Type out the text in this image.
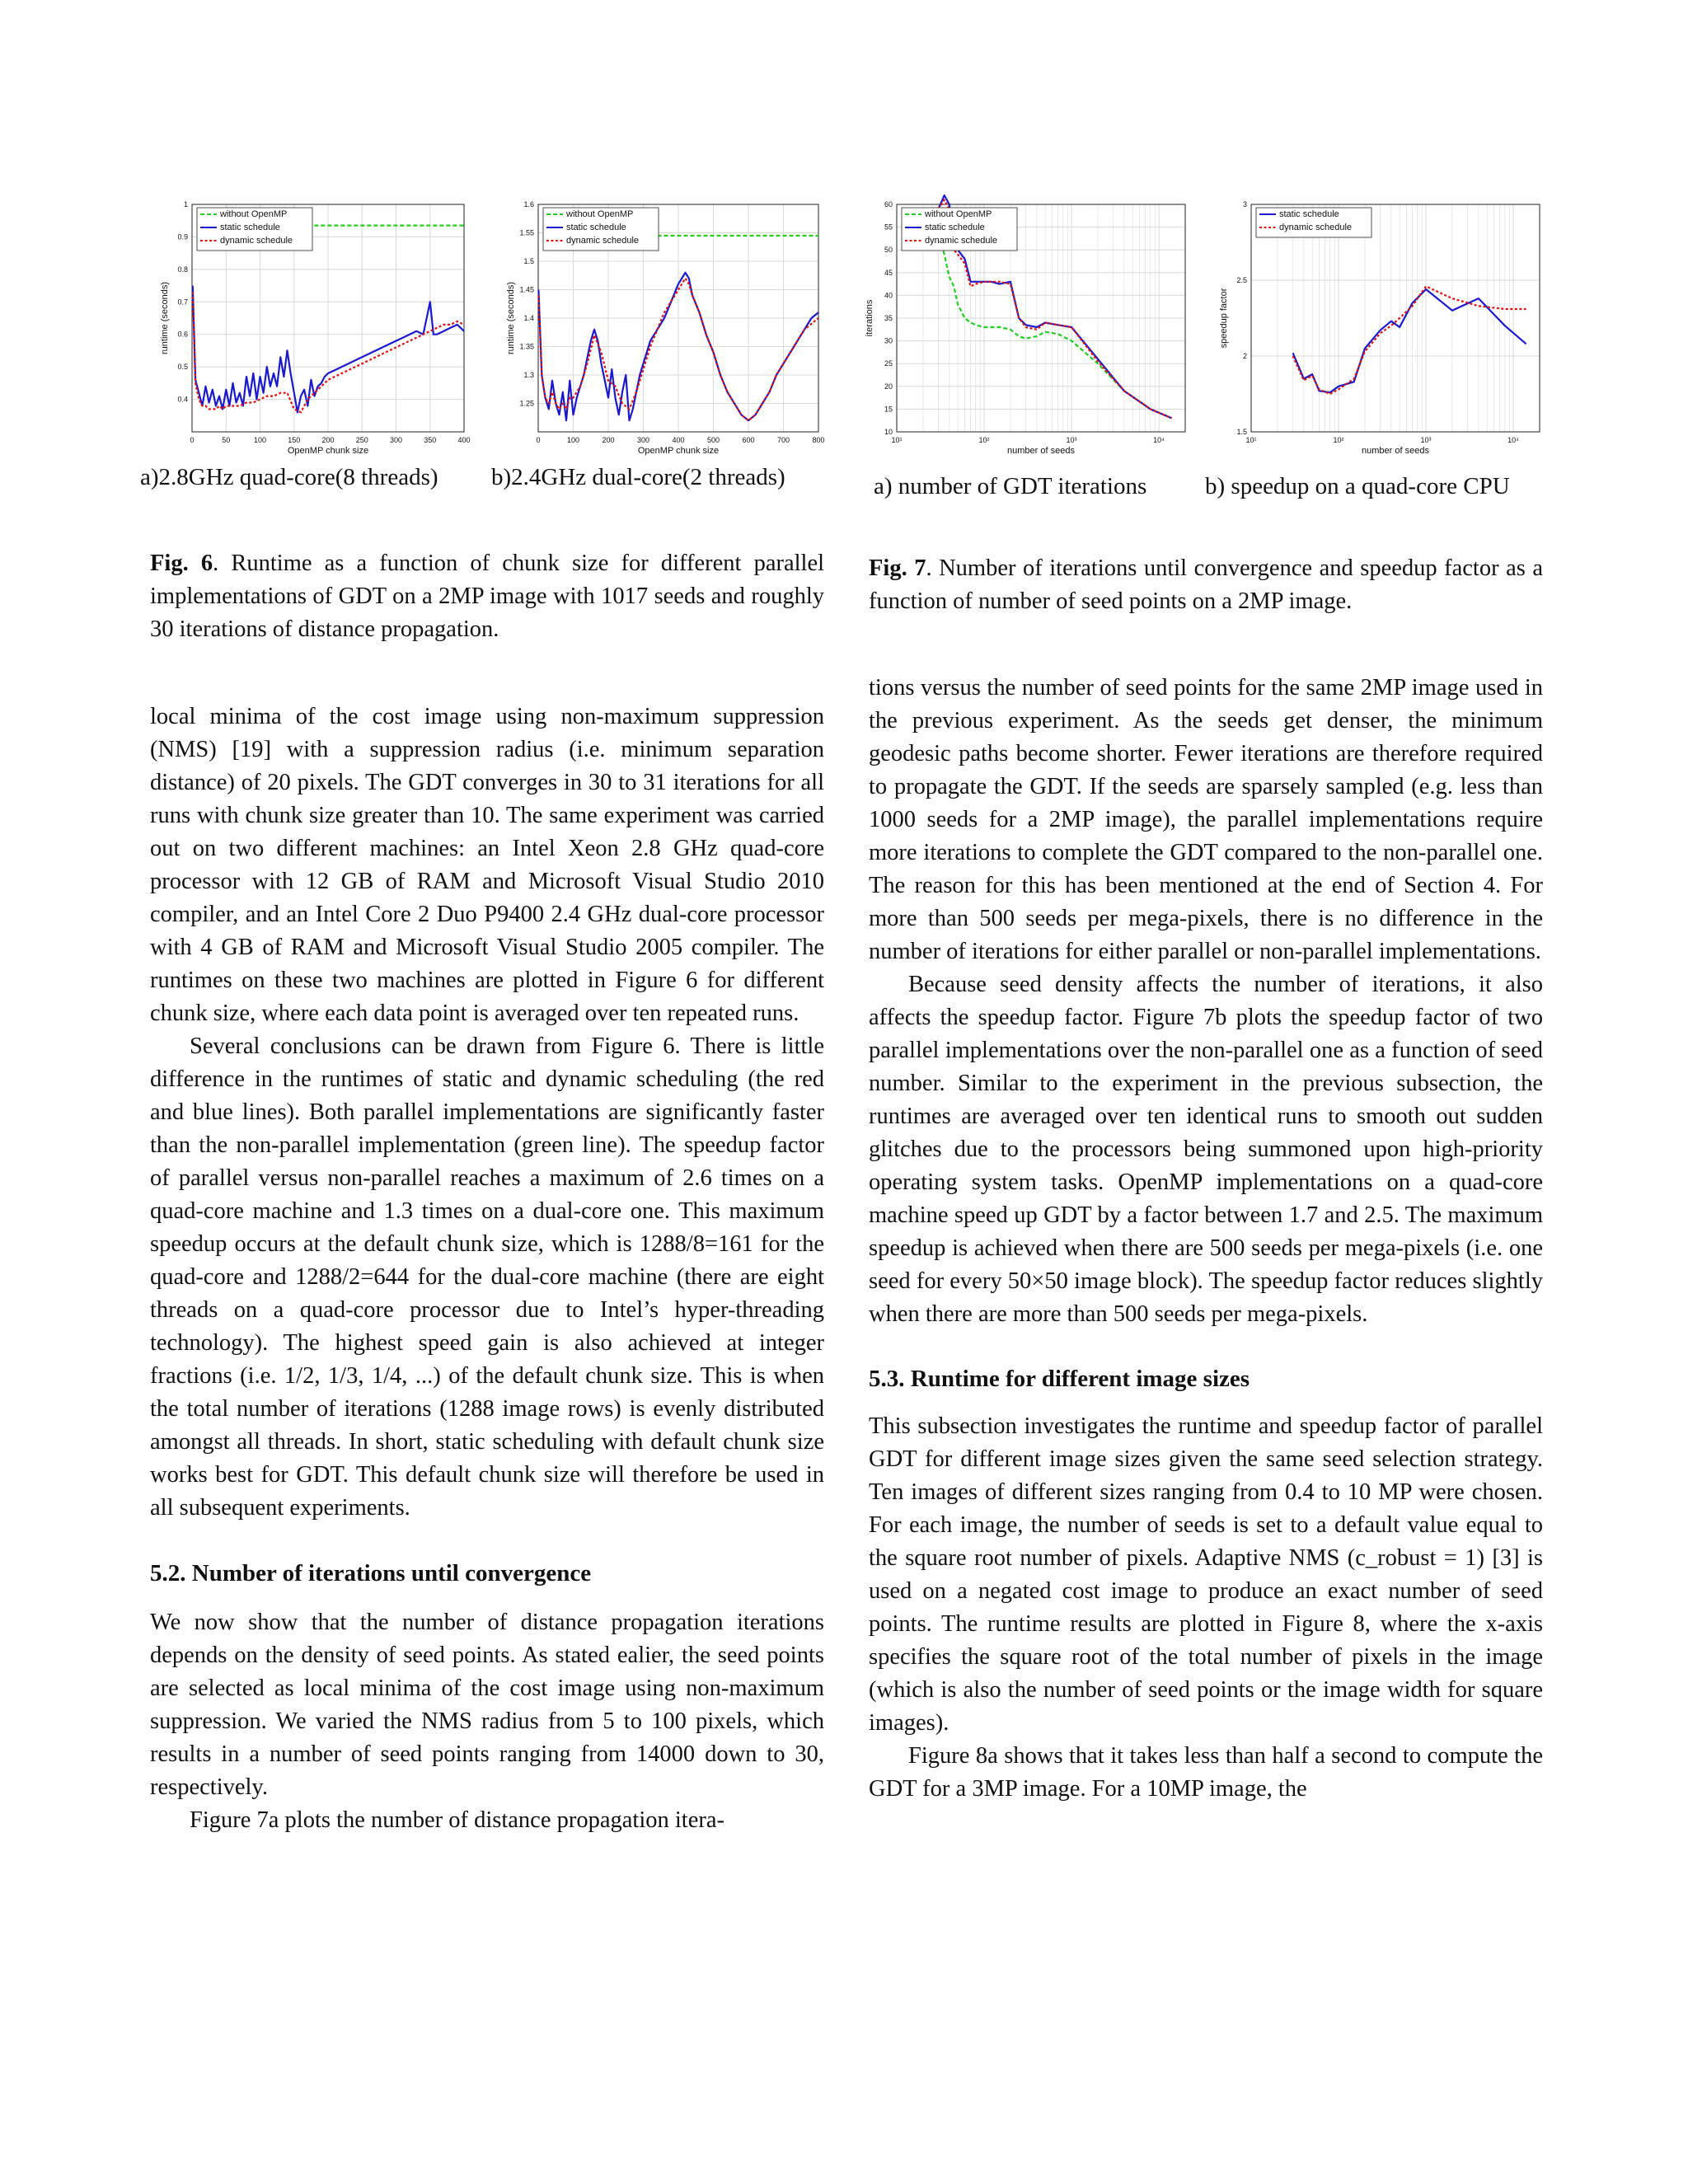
0.4
0.5
0.6
0.7
0.8
0.9
1
0	50	100	150	200	250	300	350	400
OpenMP chunk size
runtime (seconds)
without OpenMP
static schedule
dynamic schedule
1.25
1.3
1.35
1.4
1.45
1.5
1.55
1.6
0	100	200	300	400	500	600	700	800
OpenMP chunk size
runtime (seconds)
without OpenMP
static schedule
dynamic schedule
a)2.8GHz quad-core(8 threads) b)2.4GHz dual-core(2 threads)
Fig. 6. Runtime as a function of chunk size for different parallel implementations of GDT on a 2MP image with 1017 seeds and roughly 30 iterations of distance propagation.
10
15
20
25
30
35
40
45
50
55
60
10¹	10²	10³	10⁴
number of seeds
iterations
without OpenMP
static schedule
dynamic schedule
1.5
2
2.5
3
10¹	10²	10³	10⁴
number of seeds
speedup factor
static schedule
dynamic schedule
a) number of GDT iterations b) speedup on a quad-core CPU
Fig. 7. Number of iterations until convergence and speedup factor as a function of number of seed points on a 2MP image.

local minima of the cost image using non-maximum suppression (NMS) [19] with a suppression radius (i.e. minimum separation distance) of 20 pixels. The GDT converges in 30 to 31 iterations for all runs with chunk size greater than 10. The same experiment was carried out on two different machines: an Intel Xeon 2.8 GHz quad-core processor with 12 GB of RAM and Microsoft Visual Studio 2010 compiler, and an Intel Core 2 Duo P9400 2.4 GHz dual-core processor with 4 GB of RAM and Microsoft Visual Studio 2005 compiler. The runtimes on these two machines are plotted in Figure 6 for different chunk size, where each data point is averaged over ten repeated runs.

Several conclusions can be drawn from Figure 6. There is little difference in the runtimes of static and dynamic scheduling (the red and blue lines). Both parallel implementations are significantly faster than the non-parallel implementation (green line). The speedup factor of parallel versus non-parallel reaches a maximum of 2.6 times on a quad-core machine and 1.3 times on a dual-core one. This maximum speedup occurs at the default chunk size, which is 1288/8=161 for the quad-core and 1288/2=644 for the dual-core machine (there are eight threads on a quad-core processor due to Intel’s hyper-threading technology). The highest speed gain is also achieved at integer fractions (i.e. 1/2, 1/3, 1/4, ...) of the default chunk size. This is when the total number of iterations (1288 image rows) is evenly distributed amongst all threads. In short, static scheduling with default chunk size works best for GDT. This default chunk size will therefore be used in all subsequent experiments.

5.2. Number of iterations until convergence

We now show that the number of distance propagation iterations depends on the density of seed points. As stated ealier, the seed points are selected as local minima of the cost image using non-maximum suppression. We varied the NMS radius from 5 to 100 pixels, which results in a number of seed points ranging from 14000 down to 30, respectively.

Figure 7a plots the number of distance propagation itera-

tions versus the number of seed points for the same 2MP image used in the previous experiment. As the seeds get denser, the minimum geodesic paths become shorter. Fewer iterations are therefore required to propagate the GDT. If the seeds are sparsely sampled (e.g. less than 1000 seeds for a 2MP image), the parallel implementations require more iterations to complete the GDT compared to the non-parallel one. The reason for this has been mentioned at the end of Section 4. For more than 500 seeds per mega-pixels, there is no difference in the number of iterations for either parallel or non-parallel implementations.

Because seed density affects the number of iterations, it also affects the speedup factor. Figure 7b plots the speedup factor of two parallel implementations over the non-parallel one as a function of seed number. Similar to the experiment in the previous subsection, the runtimes are averaged over ten identical runs to smooth out sudden glitches due to the processors being summoned upon high-priority operating system tasks. OpenMP implementations on a quad-core machine speed up GDT by a factor between 1.7 and 2.5. The maximum speedup is achieved when there are 500 seeds per mega-pixels (i.e. one seed for every 50×50 image block). The speedup factor reduces slightly when there are more than 500 seeds per mega-pixels.

5.3. Runtime for different image sizes

This subsection investigates the runtime and speedup factor of parallel GDT for different image sizes given the same seed selection strategy. Ten images of different sizes ranging from 0.4 to 10 MP were chosen. For each image, the number of seeds is set to a default value equal to the square root number of pixels. Adaptive NMS (c_robust = 1) [3] is used on a negated cost image to produce an exact number of seed points. The runtime results are plotted in Figure 8, where the x-axis specifies the square root of the total number of pixels in the image (which is also the number of seed points or the image width for square images).

Figure 8a shows that it takes less than half a second to compute the GDT for a 3MP image. For a 10MP image, the
